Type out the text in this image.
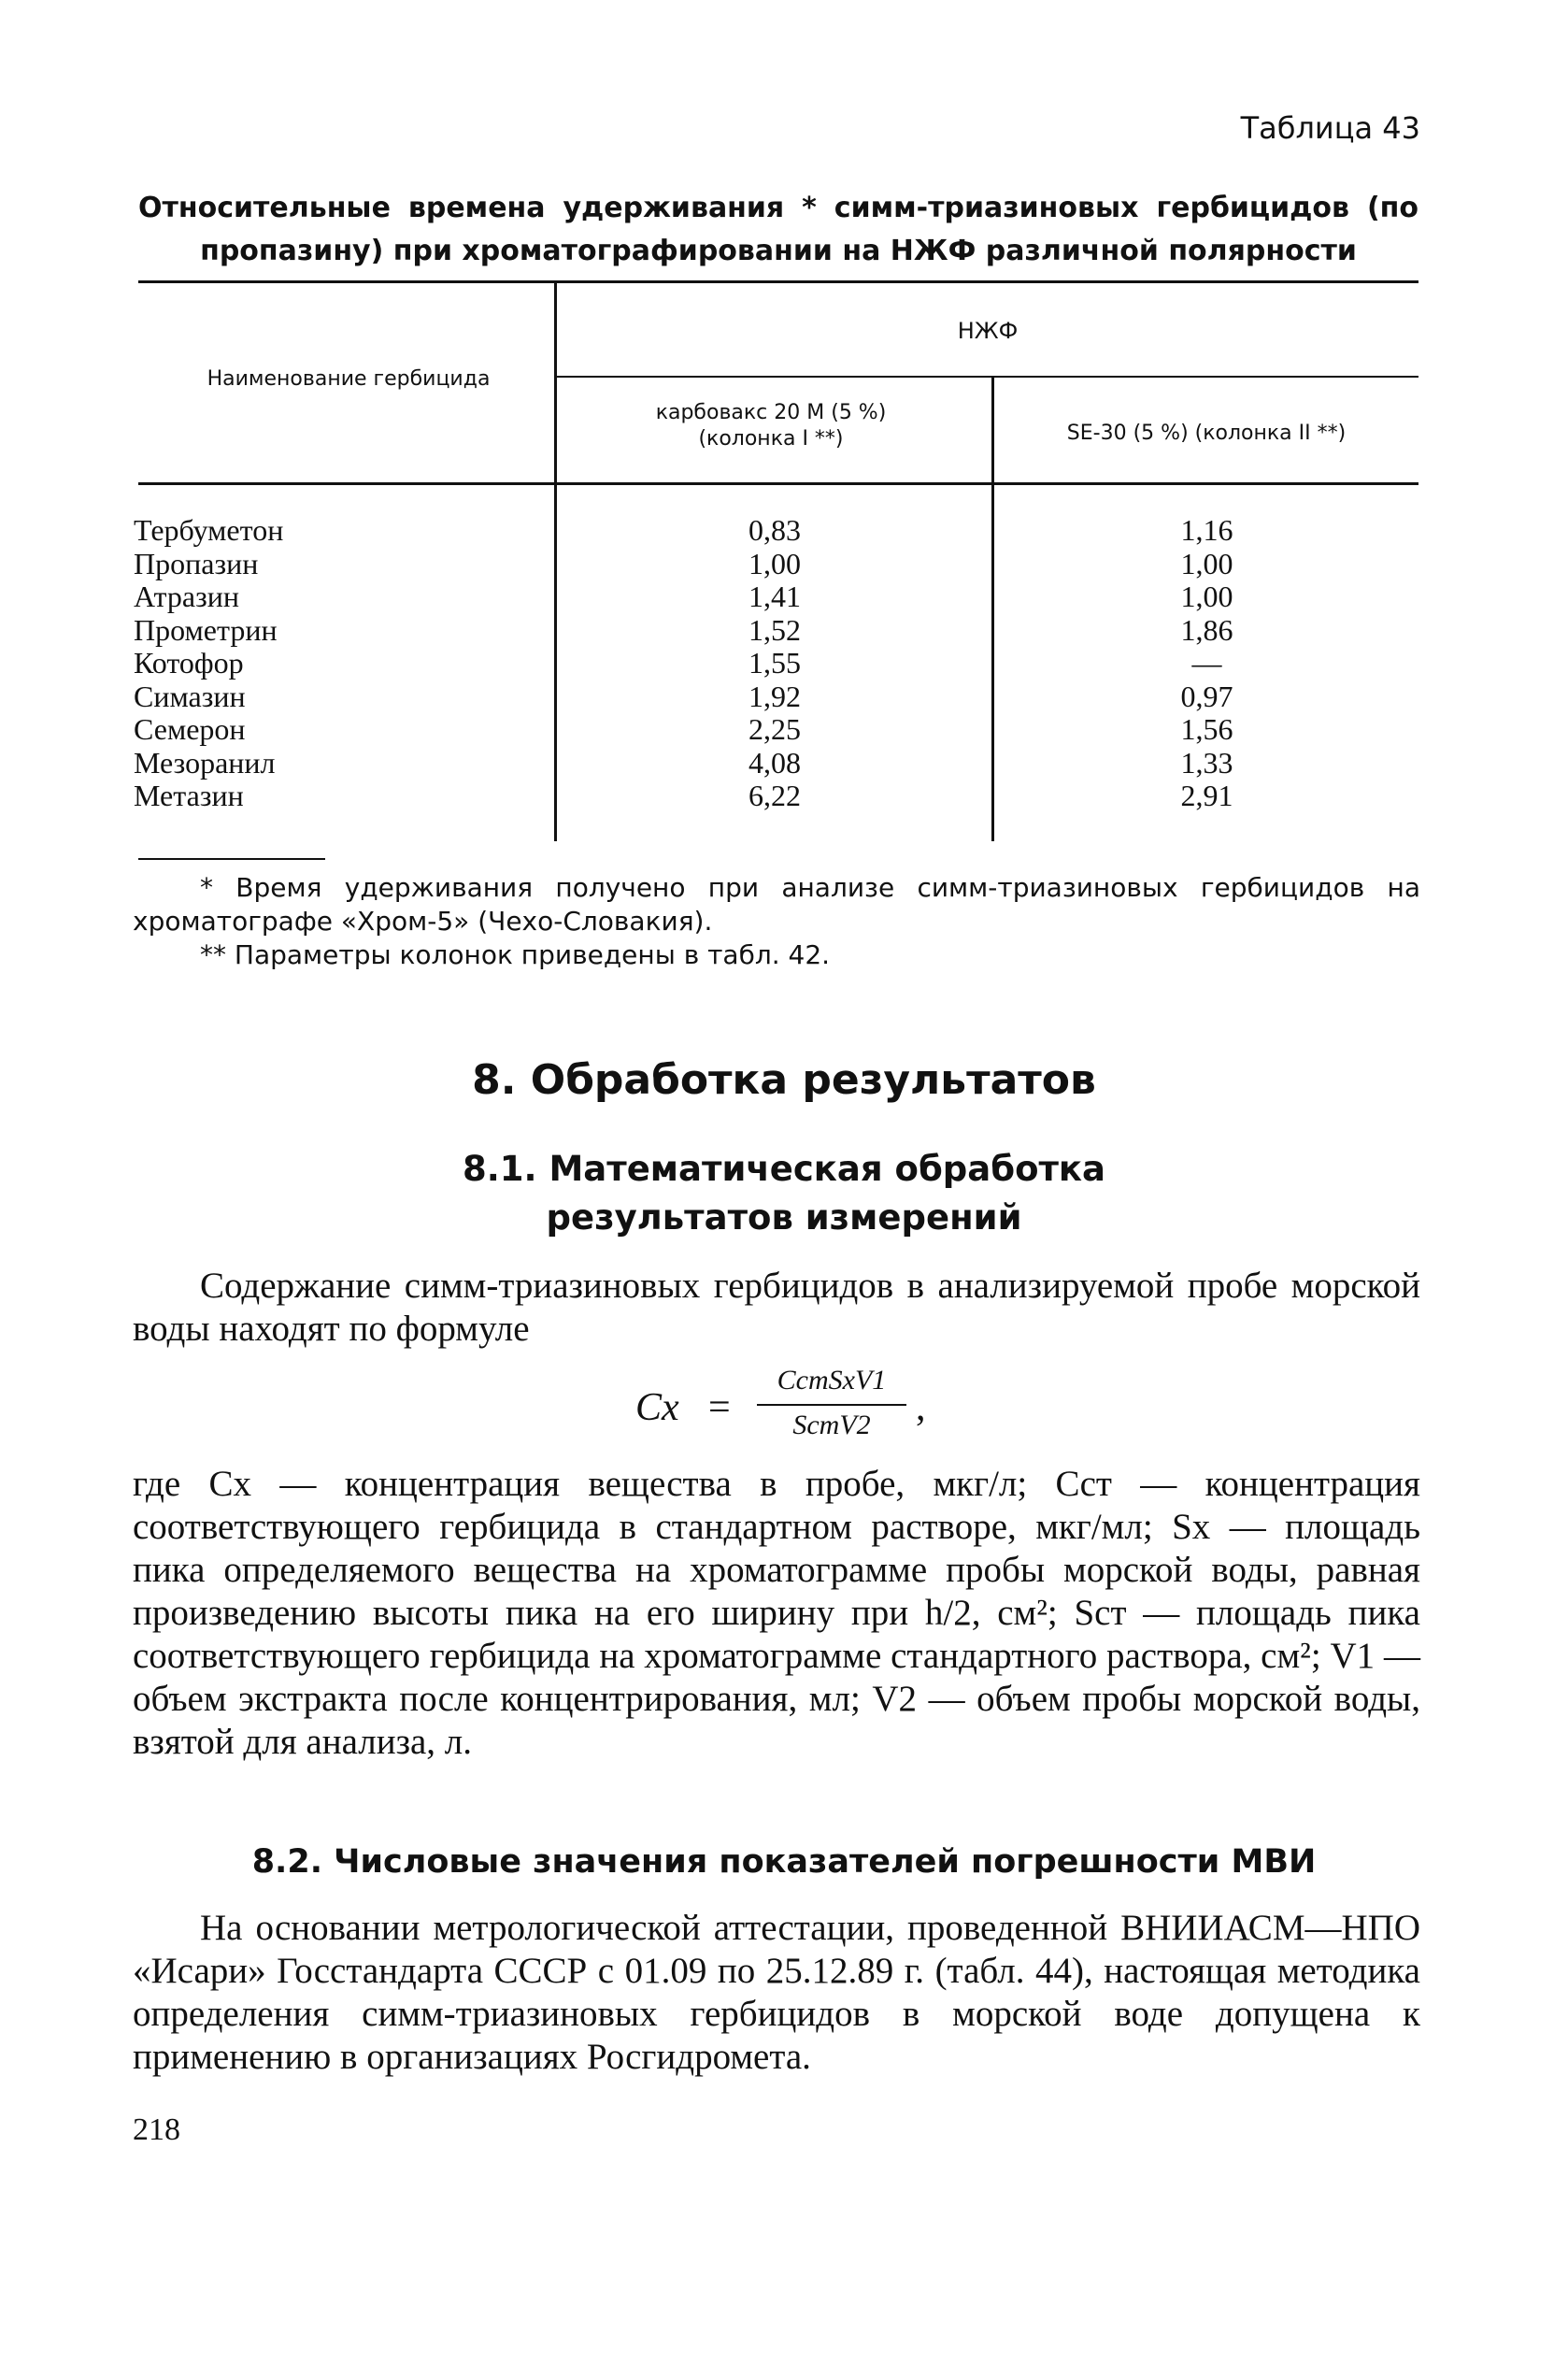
Таблица 43
Относительные времена удерживания * симм-триазиновых гербицидов (по пропазину) при хроматографировании на НЖФ различной полярности
Наименование гербицида
НЖФ
карбовакс 20 М (5 %)
(колонка I **)	SE-30 (5 %) (колонка II **)
Тербуметон
Пропазин
Атразин
Прометрин
Котофор
Симазин
Семерон
Мезоранил
Метазин
0,83
1,00
1,41
1,52
1,55
1,92
2,25
4,08
6,22
1,16
1,00
1,00
1,86
—
0,97
1,56
1,33
2,91
* Время удерживания получено при анализе симм-триазиновых гербицидов на хроматографе «Хром-5» (Чехо-Словакия).
** Параметры колонок приведены в табл. 42.
8. Обработка результатов
8.1. Математическая обработка
результатов измерений
Содержание симм-триазиновых гербицидов в анализируемой пробе морской воды находят по формуле
Cx =
CстSxV1
SстV2	,
где Cx — концентрация вещества в пробе, мкг/л; Cст — концентрация соответствующего гербицида в стандартном растворе, мкг/мл; Sx — площадь пика определяемого вещества на хроматограмме пробы морской воды, равная произведению высоты пика на его ширину при h/2, см²; Sст — площадь пика соответствующего гербицида на хроматограмме стандартного раствора, см²; V1 — объем экстракта после концентрирования, мл; V2 — объем пробы морской воды, взятой для анализа, л.
8.2. Числовые значения показателей погрешности МВИ
На основании метрологической аттестации, проведенной ВНИИАСМ—НПО «Исари» Госстандарта СССР с 01.09 по 25.12.89 г. (табл. 44), настоящая методика определения симм-триазиновых гербицидов в морской воде допущена к применению в организациях Росгидромета.
218
